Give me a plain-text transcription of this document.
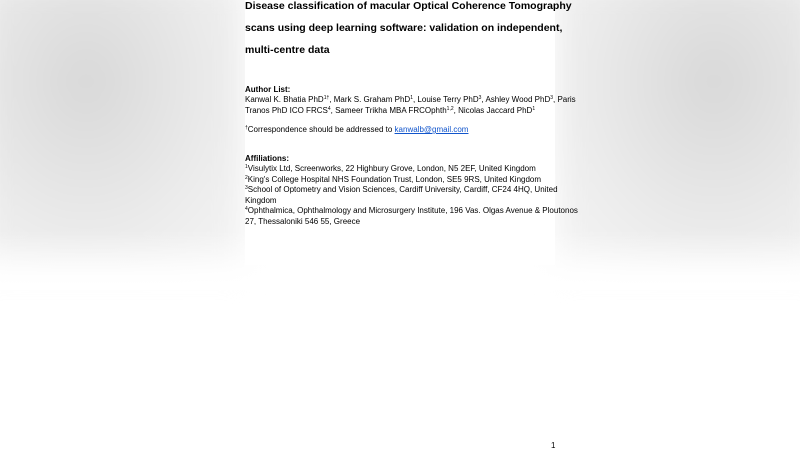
Disease classification of macular Optical Coherence Tomography
scans using deep learning software: validation on independent,
multi-centre data
Author List:
Kanwal K. Bhatia PhD$^{1\dagger}$, Mark S. Graham PhD$^1$, Louise Terry PhD$^3$, Ashley Wood PhD$^3$, Paris
Tranos PhD ICO FRCS$^4$, Sameer Trikha MBA FRCOphth$^{1,2}$, Nicolas Jaccard PhD$^1$
†Correspondence should be addressed to kanwalb@gmail.com
Affiliations:
$^1$Visulytix Ltd, Screenworks, 22 Highbury Grove, London, N5 2EF, United Kingdom
$^2$King's College Hospital NHS Foundation Trust, London, SE5 9RS, United Kingdom
$^3$School of Optometry and Vision Sciences, Cardiff University, Cardiff, CF24 4HQ, United
Kingdom
$^4$Ophthalmica, Ophthalmology and Microsurgery Institute, 196 Vas. Olgas Avenue & Ploutonos
27, Thessaloniki 546 55, Greece
1
